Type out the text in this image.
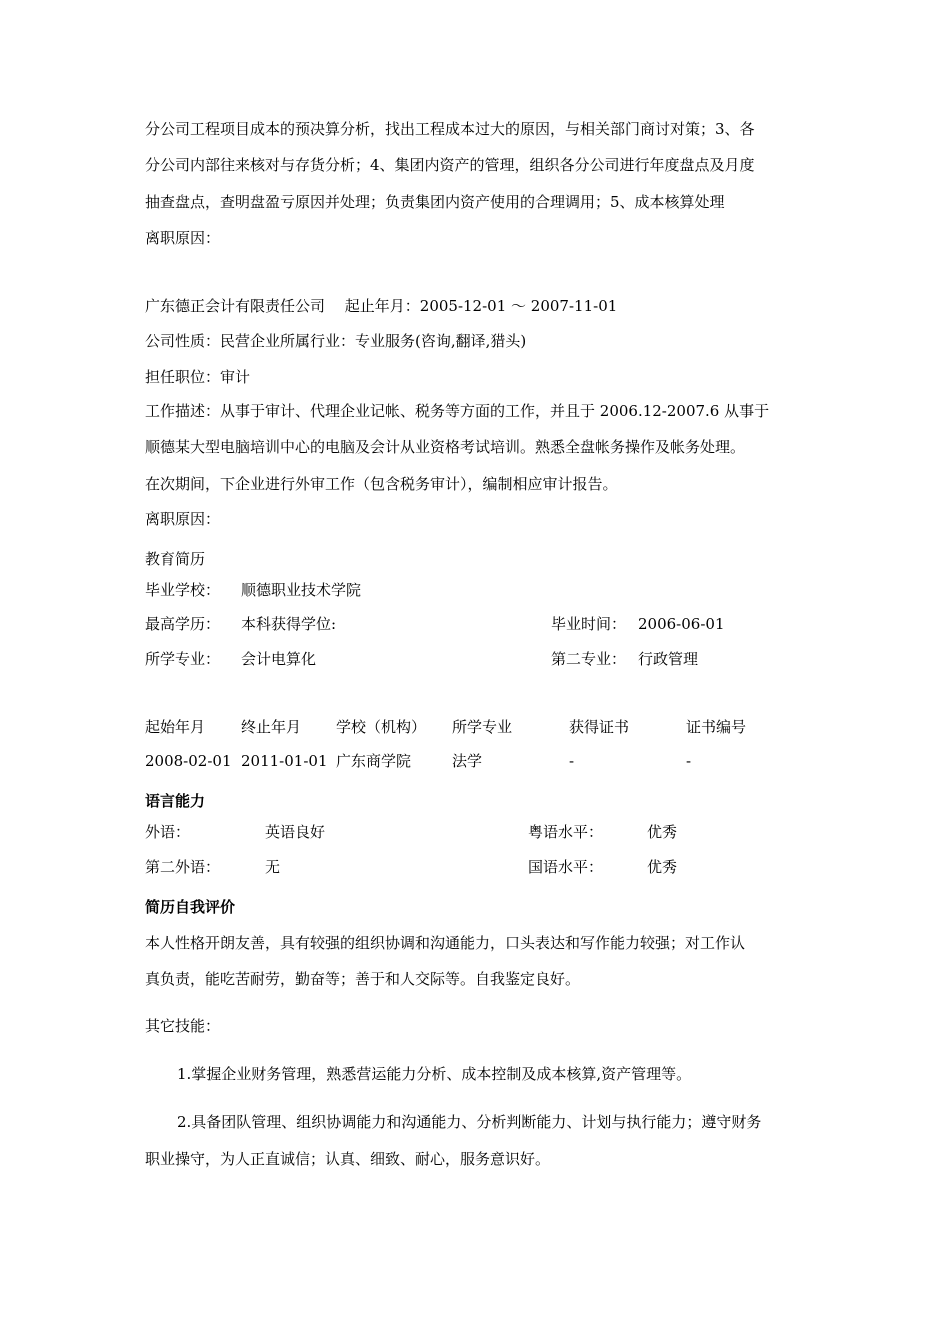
分公司工程项目成本的预决算分析，找出工程成本过大的原因，与相关部门商讨对策；3、各
分公司内部往来核对与存货分析；4、集团内资产的管理，组织各分公司进行年度盘点及月度
抽查盘点，查明盘盈亏原因并处理；负责集团内资产使用的合理调用；5、成本核算处理
离职原因：
广东德正会计有限责任公司　 起止年月：2005-12-01 ～ 2007-11-01
公司性质：民营企业所属行业：专业服务(咨询,翻译,猎头)
担任职位：审计
工作描述：从事于审计、代理企业记帐、税务等方面的工作，并且于 2006.12-2007.6 从事于
顺德某大型电脑培训中心的电脑及会计从业资格考试培训。熟悉全盘帐务操作及帐务处理。
在次期间，下企业进行外审工作（包含税务审计），编制相应审计报告。
离职原因：
教育简历
毕业学校： 顺德职业技术学院
最高学历： 本科获得学位:	毕业时间： 2006-06-01
所学专业： 会计电算化	第二专业： 行政管理
起始年月 终止年月 学校（机构） 所学专业	获得证书	证书编号
2008-02-01 2011-01-01 广东商学院	法学	-	-
语言能力
外语：	英语良好	粤语水平：	优秀
第二外语：	无	国语水平：	优秀
简历自我评价
本人性格开朗友善，具有较强的组织协调和沟通能力，口头表达和写作能力较强；对工作认
真负责，能吃苦耐劳，勤奋等；善于和人交际等。自我鉴定良好。
其它技能：
1.掌握企业财务管理，熟悉营运能力分析、成本控制及成本核算,资产管理等。
2.具备团队管理、组织协调能力和沟通能力、分析判断能力、计划与执行能力；遵守财务
职业操守，为人正直诚信；认真、细致、耐心，服务意识好。
